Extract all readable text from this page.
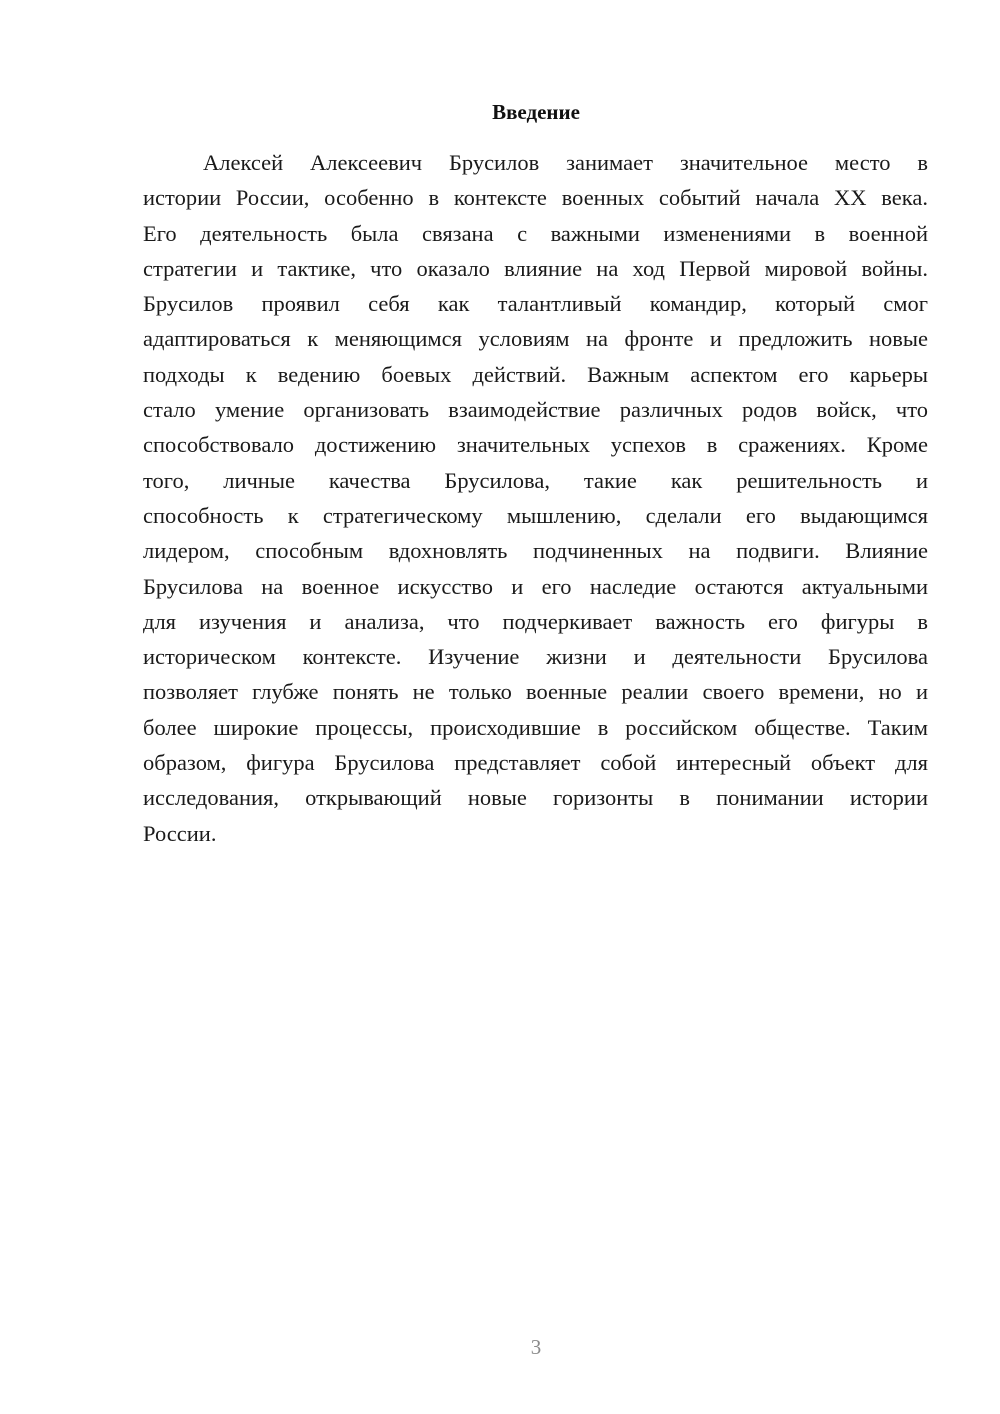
Введение
Алексей Алексеевич Брусилов занимает значительное место в
истории России, особенно в контексте военных событий начала XX века.
Его деятельность была связана с важными изменениями в военной
стратегии и тактике, что оказало влияние на ход Первой мировой войны.
Брусилов проявил себя как талантливый командир, который смог
адаптироваться к меняющимся условиям на фронте и предложить новые
подходы к ведению боевых действий. Важным аспектом его карьеры
стало умение организовать взаимодействие различных родов войск, что
способствовало достижению значительных успехов в сражениях. Кроме
того, личные качества Брусилова, такие как решительность и
способность к стратегическому мышлению, сделали его выдающимся
лидером, способным вдохновлять подчиненных на подвиги. Влияние
Брусилова на военное искусство и его наследие остаются актуальными
для изучения и анализа, что подчеркивает важность его фигуры в
историческом контексте. Изучение жизни и деятельности Брусилова
позволяет глубже понять не только военные реалии своего времени, но и
более широкие процессы, происходившие в российском обществе. Таким
образом, фигура Брусилова представляет собой интересный объект для
исследования, открывающий новые горизонты в понимании истории
России.
3
